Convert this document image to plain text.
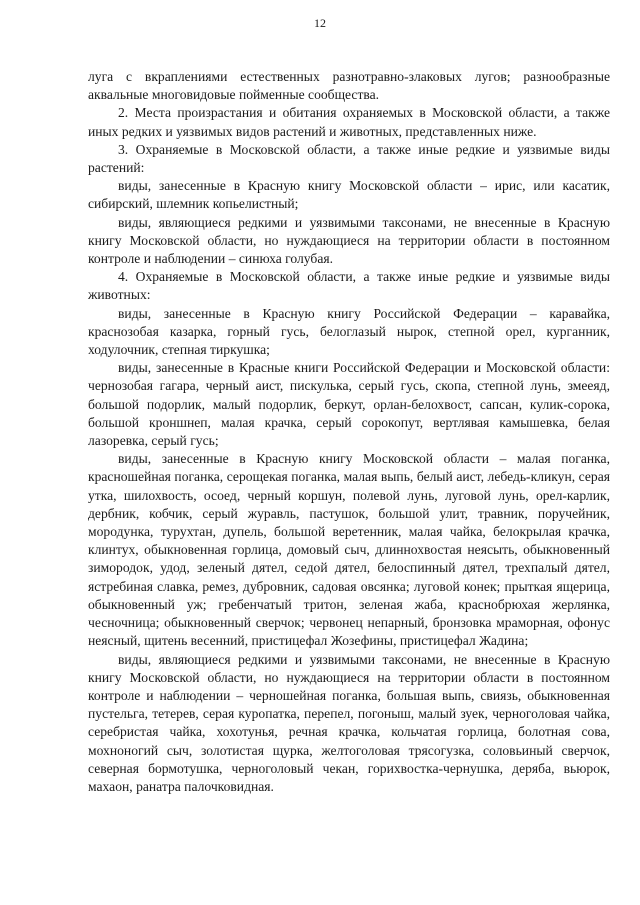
12

луга с вкраплениями естественных разнотравно-злаковых лугов; разнообразные аквальные многовидовые пойменные сообщества.

2. Места произрастания и обитания охраняемых в Московской области, а также иных редких и уязвимых видов растений и животных, представленных ниже.

3. Охраняемые в Московской области, а также иные редкие и уязвимые виды растений:

виды, занесенные в Красную книгу Московской области – ирис, или касатик, сибирский, шлемник копьелистный;

виды, являющиеся редкими и уязвимыми таксонами, не внесенные в Красную книгу Московской области, но нуждающиеся на территории области в постоянном контроле и наблюдении – синюха голубая.

4. Охраняемые в Московской области, а также иные редкие и уязвимые виды животных:

виды, занесенные в Красную книгу Российской Федерации – каравайка, краснозобая казарка, горный гусь, белоглазый нырок, степной орел, курганник, ходулочник, степная тиркушка;

виды, занесенные в Красные книги Российской Федерации и Московской области: чернозобая гагара, черный аист, пискулька, серый гусь, скопа, степной лунь, змееяд, большой подорлик, малый подорлик, беркут, орлан-белохвост, сапсан, кулик-сорока, большой кроншнеп, малая крачка, серый сорокопут, вертлявая камышевка, белая лазоревка, серый гусь;

виды, занесенные в Красную книгу Московской области – малая поганка, красношейная поганка, серощекая поганка, малая выпь, белый аист, лебедь-кликун, серая утка, шилохвость, осоед, черный коршун, полевой лунь, луговой лунь, орел-карлик, дербник, кобчик, серый журавль, пастушок, большой улит, травник, поручейник, мородунка, турухтан, дупель, большой веретенник, малая чайка, белокрылая крачка, клинтух, обыкновенная горлица, домовый сыч, длиннохвостая неясыть, обыкновенный зимородок, удод, зеленый дятел, седой дятел, белоспинный дятел, трехпалый дятел, ястребиная славка, ремез, дубровник, садовая овсянка; луговой конек; прыткая ящерица, обыкновенный уж; гребенчатый тритон, зеленая жаба, краснобрюхая жерлянка, чесночница; обыкновенный сверчок; червонец непарный, бронзовка мраморная, офонус неясный, щитень весенний, пристицефал Жозефины, пристицефал Жадина;

виды, являющиеся редкими и уязвимыми таксонами, не внесенные в Красную книгу Московской области, но нуждающиеся на территории области в постоянном контроле и наблюдении – черношейная поганка, большая выпь, свиязь, обыкновенная пустельга, тетерев, серая куропатка, перепел, погоныш, малый зуек, черноголовая чайка, серебристая чайка, хохотунья, речная крачка, кольчатая горлица, болотная сова, мохноногий сыч, золотистая щурка, желтоголовая трясогузка, соловьиный сверчок, северная бормотушка, черноголовый чекан, горихвостка-чернушка, деряба, вьюрок, махаон, ранатра палочковидная.
